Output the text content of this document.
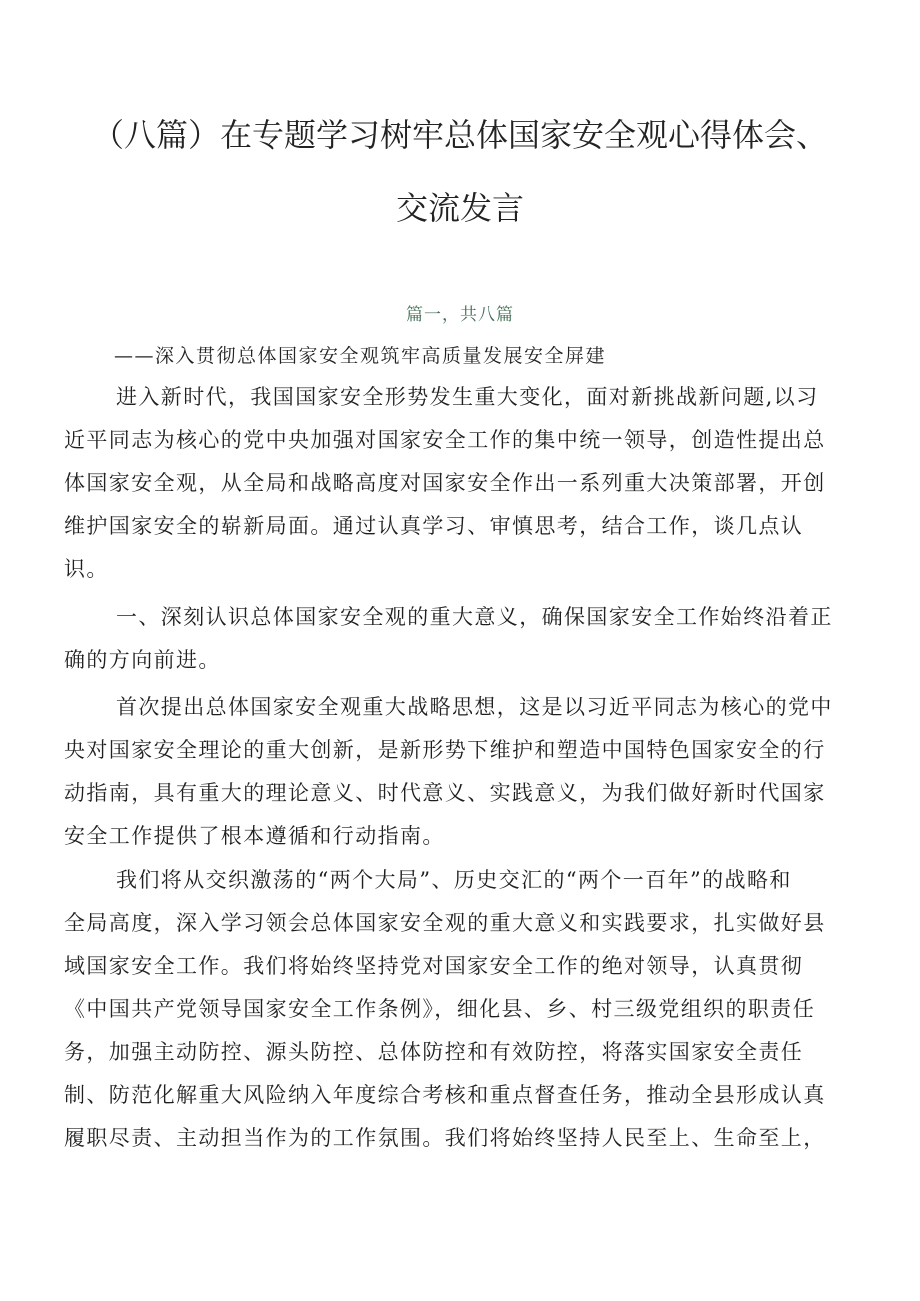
（八篇）在专题学习树牢总体国家安全观心得体会、
交流发言
篇一，共八篇
——深入贯彻总体国家安全观筑牢高质量发展安全屏建
进入新时代，我国国家安全形势发生重大变化，面对新挑战新问题,以习
近平同志为核心的党中央加强对国家安全工作的集中统一领导，创造性提出总
体国家安全观，从全局和战略高度对国家安全作出一系列重大决策部署，开创
维护国家安全的崭新局面。通过认真学习、审慎思考，结合工作，谈几点认
识。
一、深刻认识总体国家安全观的重大意义，确保国家安全工作始终沿着正
确的方向前进。
首次提出总体国家安全观重大战略思想，这是以习近平同志为核心的党中
央对国家安全理论的重大创新，是新形势下维护和塑造中国特色国家安全的行
动指南，具有重大的理论意义、时代意义、实践意义，为我们做好新时代国家
安全工作提供了根本遵循和行动指南。
我们将从交织激荡的“两个大局”、历史交汇的“两个一百年”的战略和
全局高度，深入学习领会总体国家安全观的重大意义和实践要求，扎实做好县
域国家安全工作。我们将始终坚持党对国家安全工作的绝对领导，认真贯彻
《中国共产党领导国家安全工作条例》，细化县、乡、村三级党组织的职责任
务，加强主动防控、源头防控、总体防控和有效防控，将落实国家安全责任
制、防范化解重大风险纳入年度综合考核和重点督查任务，推动全县形成认真
履职尽责、主动担当作为的工作氛围。我们将始终坚持人民至上、生命至上，
